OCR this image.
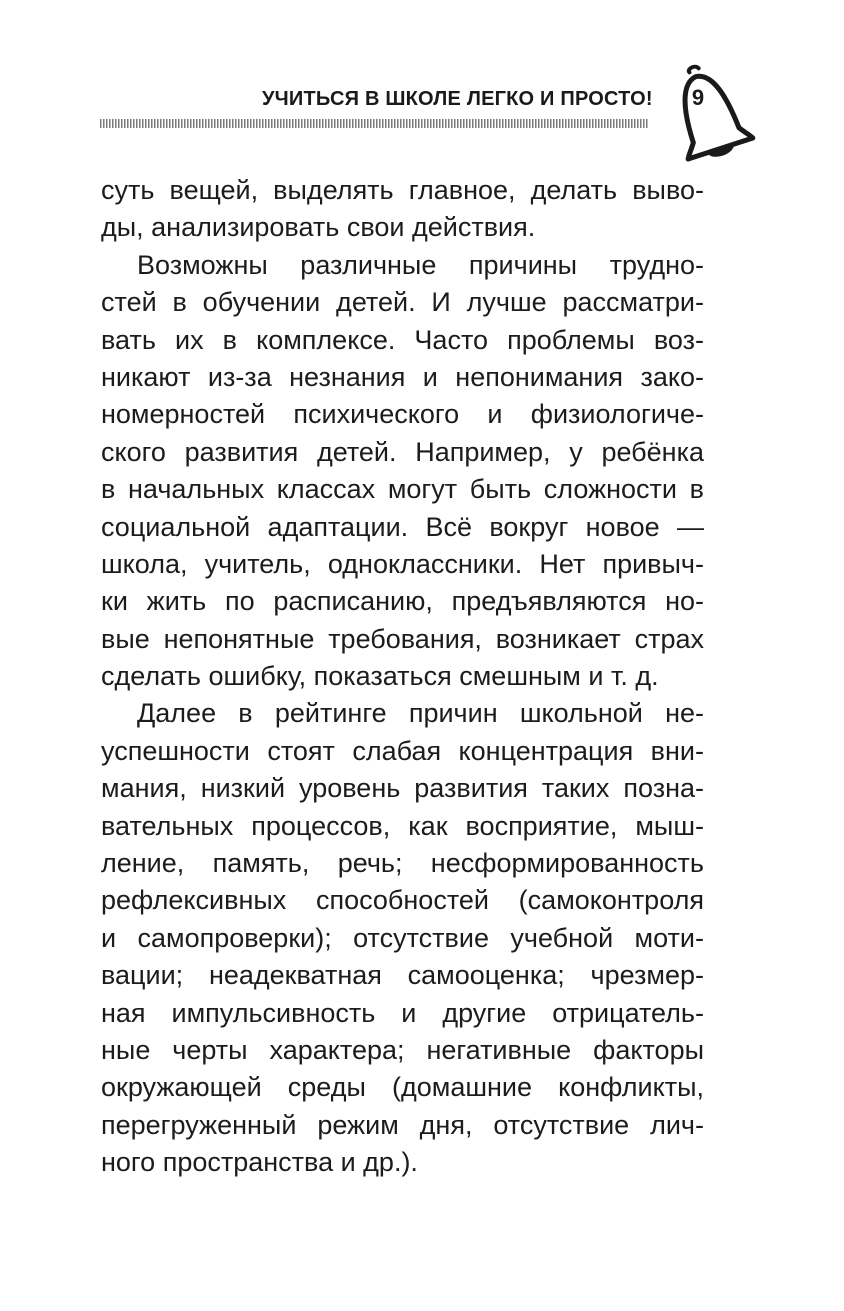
УЧИТЬСЯ В ШКОЛЕ ЛЕГКО И ПРОСТО!	9
суть вещей, выделять главное, делать выво-
ды, анализировать свои действия.
Возможны различные причины трудно-
стей в обучении детей. И лучше рассматри-
вать их в комплексе. Часто проблемы воз-
никают из-за незнания и непонимания зако-
номерностей психического и физиологиче-
ского развития детей. Например, у ребёнка
в начальных классах могут быть сложности в
социальной адаптации. Всё вокруг новое —
школа, учитель, одноклассники. Нет привыч-
ки жить по расписанию, предъявляются но-
вые непонятные требования, возникает страх
сделать ошибку, показаться смешным и т. д.
Далее в рейтинге причин школьной не-
успешности стоят слабая концентрация вни-
мания, низкий уровень развития таких позна-
вательных процессов, как восприятие, мыш-
ление, память, речь; несформированность
рефлексивных способностей (самоконтроля
и самопроверки); отсутствие учебной моти-
вации; неадекватная самооценка; чрезмер-
ная импульсивность и другие отрицатель-
ные черты характера; негативные факторы
окружающей среды (домашние конфликты,
перегруженный режим дня, отсутствие лич-
ного пространства и др.).
